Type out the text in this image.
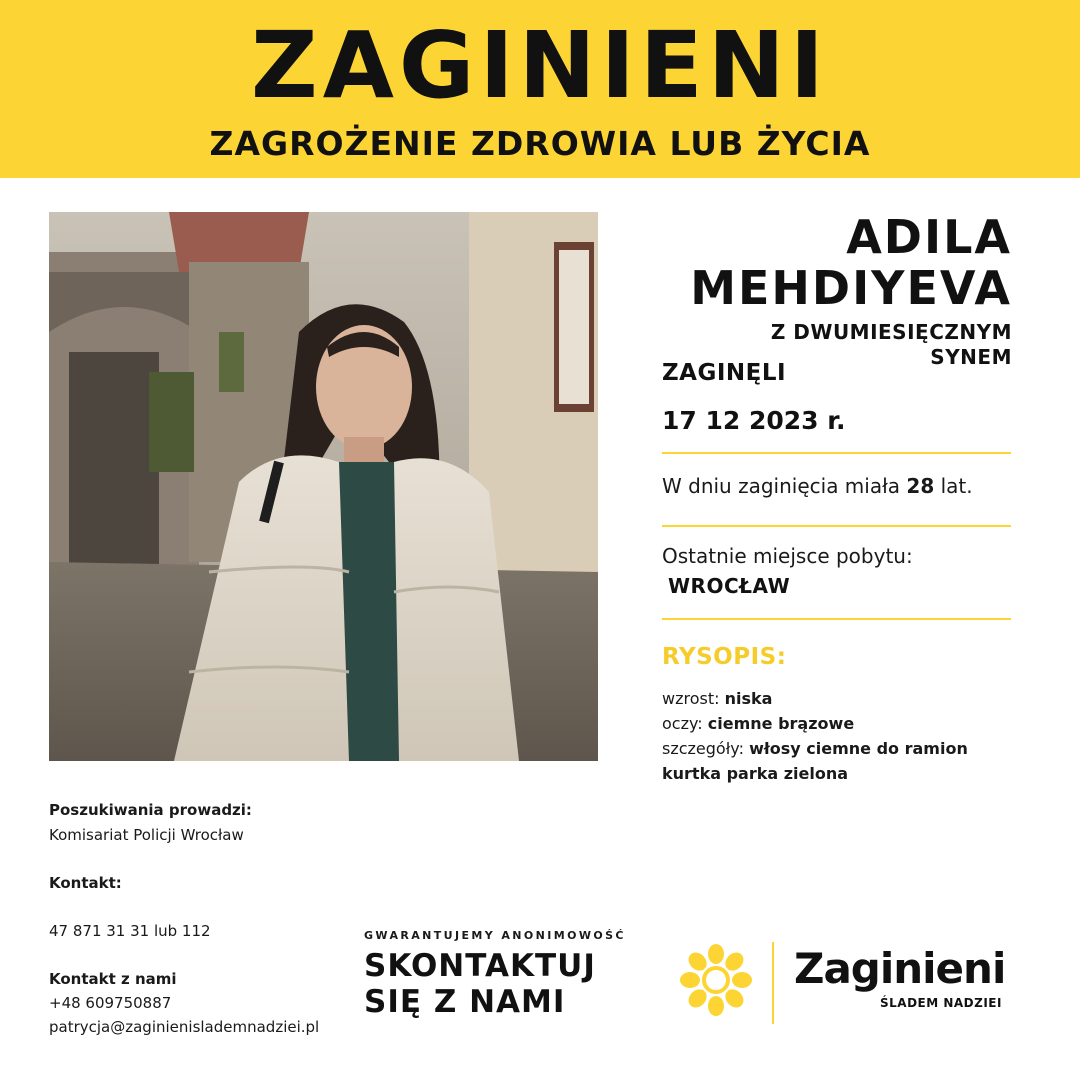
ZAGINIENI
ZAGROŻENIE ZDROWIA LUB ŻYCIA
ADILA
MEHDIYEVA
Z DWUMIESIĘCZNYM
SYNEM
ZAGINĘLI
17 12 2023 r.
W dniu zaginięcia miała 28 lat.
Ostatnie miejsce pobytu:
WROCŁAW
RYSOPIS:
wzrost: niska
oczy: ciemne brązowe
szczegóły: włosy ciemne do ramion
kurtka parka zielona
Poszukiwania prowadzi:
Komisariat Policji Wrocław
Kontakt:
47 871 31 31 lub 112
Kontakt z nami
+48 609750887
patrycja@zaginienislademnadziei.pl
GWARANTUJEMY ANONIMOWOŚĆ
SKONTAKTUJ
SIĘ Z NAMI
Zaginieni
ŚLADEM NADZIEI
